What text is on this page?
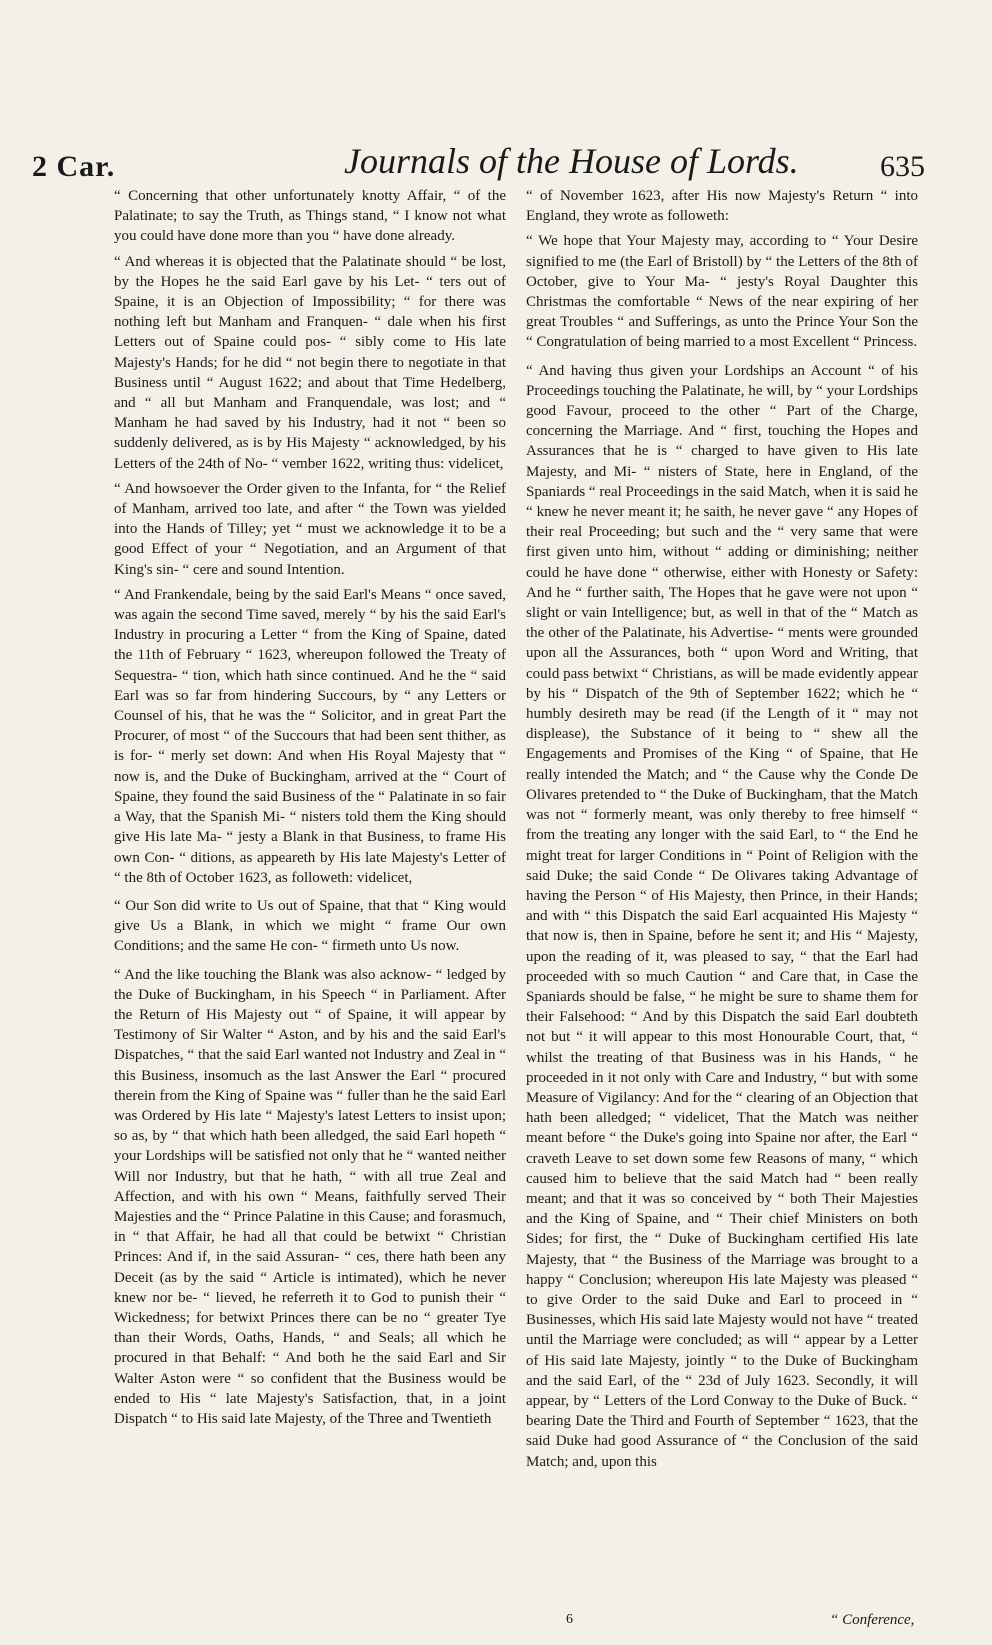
2 Car.	Journals of the House of Lords.	635

“ Concerning that other unfortunately knotty Affair, “ of the Palatinate; to say the Truth, as Things stand, “ I know not what you could have done more than you “ have done already.

“ And whereas it is objected that the Palatinate should “ be lost, by the Hopes he the said Earl gave by his Let- “ ters out of Spaine, it is an Objection of Impossibility; “ for there was nothing left but Manham and Franquen- “ dale when his first Letters out of Spaine could pos- “ sibly come to His late Majesty's Hands; for he did “ not begin there to negotiate in that Business until “ August 1622; and about that Time Hedelberg, and “ all but Manham and Franquendale, was lost; and “ Manham he had saved by his Industry, had it not “ been so suddenly delivered, as is by His Majesty “ acknowledged, by his Letters of the 24th of No- “ vember 1622, writing thus: videlicet,

“ And howsoever the Order given to the Infanta, for “ the Relief of Manham, arrived too late, and after “ the Town was yielded into the Hands of Tilley; yet “ must we acknowledge it to be a good Effect of your “ Negotiation, and an Argument of that King's sin- “ cere and sound Intention.

“ And Frankendale, being by the said Earl's Means “ once saved, was again the second Time saved, merely “ by his the said Earl's Industry in procuring a Letter “ from the King of Spaine, dated the 11th of February “ 1623, whereupon followed the Treaty of Sequestra- “ tion, which hath since continued. And he the “ said Earl was so far from hindering Succours, by “ any Letters or Counsel of his, that he was the “ Solicitor, and in great Part the Procurer, of most “ of the Succours that had been sent thither, as is for- “ merly set down: And when His Royal Majesty that “ now is, and the Duke of Buckingham, arrived at the “ Court of Spaine, they found the said Business of the “ Palatinate in so fair a Way, that the Spanish Mi- “ nisters told them the King should give His late Ma- “ jesty a Blank in that Business, to frame His own Con- “ ditions, as appeareth by His late Majesty's Letter of “ the 8th of October 1623, as followeth: videlicet,

“ Our Son did write to Us out of Spaine, that that “ King would give Us a Blank, in which we might “ frame Our own Conditions; and the same He con- “ firmeth unto Us now.

“ And the like touching the Blank was also acknow- “ ledged by the Duke of Buckingham, in his Speech “ in Parliament. After the Return of His Majesty out “ of Spaine, it will appear by Testimony of Sir Walter “ Aston, and by his and the said Earl's Dispatches, “ that the said Earl wanted not Industry and Zeal in “ this Business, insomuch as the last Answer the Earl “ procured therein from the King of Spaine was “ fuller than he the said Earl was Ordered by His late “ Majesty's latest Letters to insist upon; so as, by “ that which hath been alledged, the said Earl hopeth “ your Lordships will be satisfied not only that he “ wanted neither Will nor Industry, but that he hath, “ with all true Zeal and Affection, and with his own “ Means, faithfully served Their Majesties and the “ Prince Palatine in this Cause; and forasmuch, in “ that Affair, he had all that could be betwixt “ Christian Princes: And if, in the said Assuran- “ ces, there hath been any Deceit (as by the said “ Article is intimated), which he never knew nor be- “ lieved, he referreth it to God to punish their “ Wickedness; for betwixt Princes there can be no “ greater Tye than their Words, Oaths, Hands, “ and Seals; all which he procured in that Behalf: “ And both he the said Earl and Sir Walter Aston were “ so confident that the Business would be ended to His “ late Majesty's Satisfaction, that, in a joint Dispatch “ to His said late Majesty, of the Three and Twentieth

“ of November 1623, after His now Majesty's Return “ into England, they wrote as followeth:

“ We hope that Your Majesty may, according to “ Your Desire signified to me (the Earl of Bristoll) by “ the Letters of the 8th of October, give to Your Ma- “ jesty's Royal Daughter this Christmas the comfortable “ News of the near expiring of her great Troubles “ and Sufferings, as unto the Prince Your Son the “ Congratulation of being married to a most Excellent “ Princess.

“ And having thus given your Lordships an Account “ of his Proceedings touching the Palatinate, he will, by “ your Lordships good Favour, proceed to the other “ Part of the Charge, concerning the Marriage. And “ first, touching the Hopes and Assurances that he is “ charged to have given to His late Majesty, and Mi- “ nisters of State, here in England, of the Spaniards “ real Proceedings in the said Match, when it is said he “ knew he never meant it; he saith, he never gave “ any Hopes of their real Proceeding; but such and the “ very same that were first given unto him, without “ adding or diminishing; neither could he have done “ otherwise, either with Honesty or Safety: And he “ further saith, The Hopes that he gave were not upon “ slight or vain Intelligence; but, as well in that of the “ Match as the other of the Palatinate, his Advertise- “ ments were grounded upon all the Assurances, both “ upon Word and Writing, that could pass betwixt “ Christians, as will be made evidently appear by his “ Dispatch of the 9th of September 1622; which he “ humbly desireth may be read (if the Length of it “ may not displease), the Substance of it being to “ shew all the Engagements and Promises of the King “ of Spaine, that He really intended the Match; and “ the Cause why the Conde De Olivares pretended to “ the Duke of Buckingham, that the Match was not “ formerly meant, was only thereby to free himself “ from the treating any longer with the said Earl, to “ the End he might treat for larger Conditions in “ Point of Religion with the said Duke; the said Conde “ De Olivares taking Advantage of having the Person “ of His Majesty, then Prince, in their Hands; and with “ this Dispatch the said Earl acquainted His Majesty “ that now is, then in Spaine, before he sent it; and His “ Majesty, upon the reading of it, was pleased to say, “ that the Earl had proceeded with so much Caution “ and Care that, in Case the Spaniards should be false, “ he might be sure to shame them for their Falsehood: “ And by this Dispatch the said Earl doubteth not but “ it will appear to this most Honourable Court, that, “ whilst the treating of that Business was in his Hands, “ he proceeded in it not only with Care and Industry, “ but with some Measure of Vigilancy: And for the “ clearing of an Objection that hath been alledged; “ videlicet, That the Match was neither meant before “ the Duke's going into Spaine nor after, the Earl “ craveth Leave to set down some few Reasons of many, “ which caused him to believe that the said Match had “ been really meant; and that it was so conceived by “ both Their Majesties and the King of Spaine, and “ Their chief Ministers on both Sides; for first, the “ Duke of Buckingham certified His late Majesty, that “ the Business of the Marriage was brought to a happy “ Conclusion; whereupon His late Majesty was pleased “ to give Order to the said Duke and Earl to proceed in “ Businesses, which His said late Majesty would not have “ treated until the Marriage were concluded; as will “ appear by a Letter of His said late Majesty, jointly “ to the Duke of Buckingham and the said Earl, of the “ 23d of July 1623. Secondly, it will appear, by “ Letters of the Lord Conway to the Duke of Buck. “ bearing Date the Third and Fourth of September “ 1623, that the said Duke had good Assurance of “ the Conclusion of the said Match; and, upon this

6	“ Conference,
